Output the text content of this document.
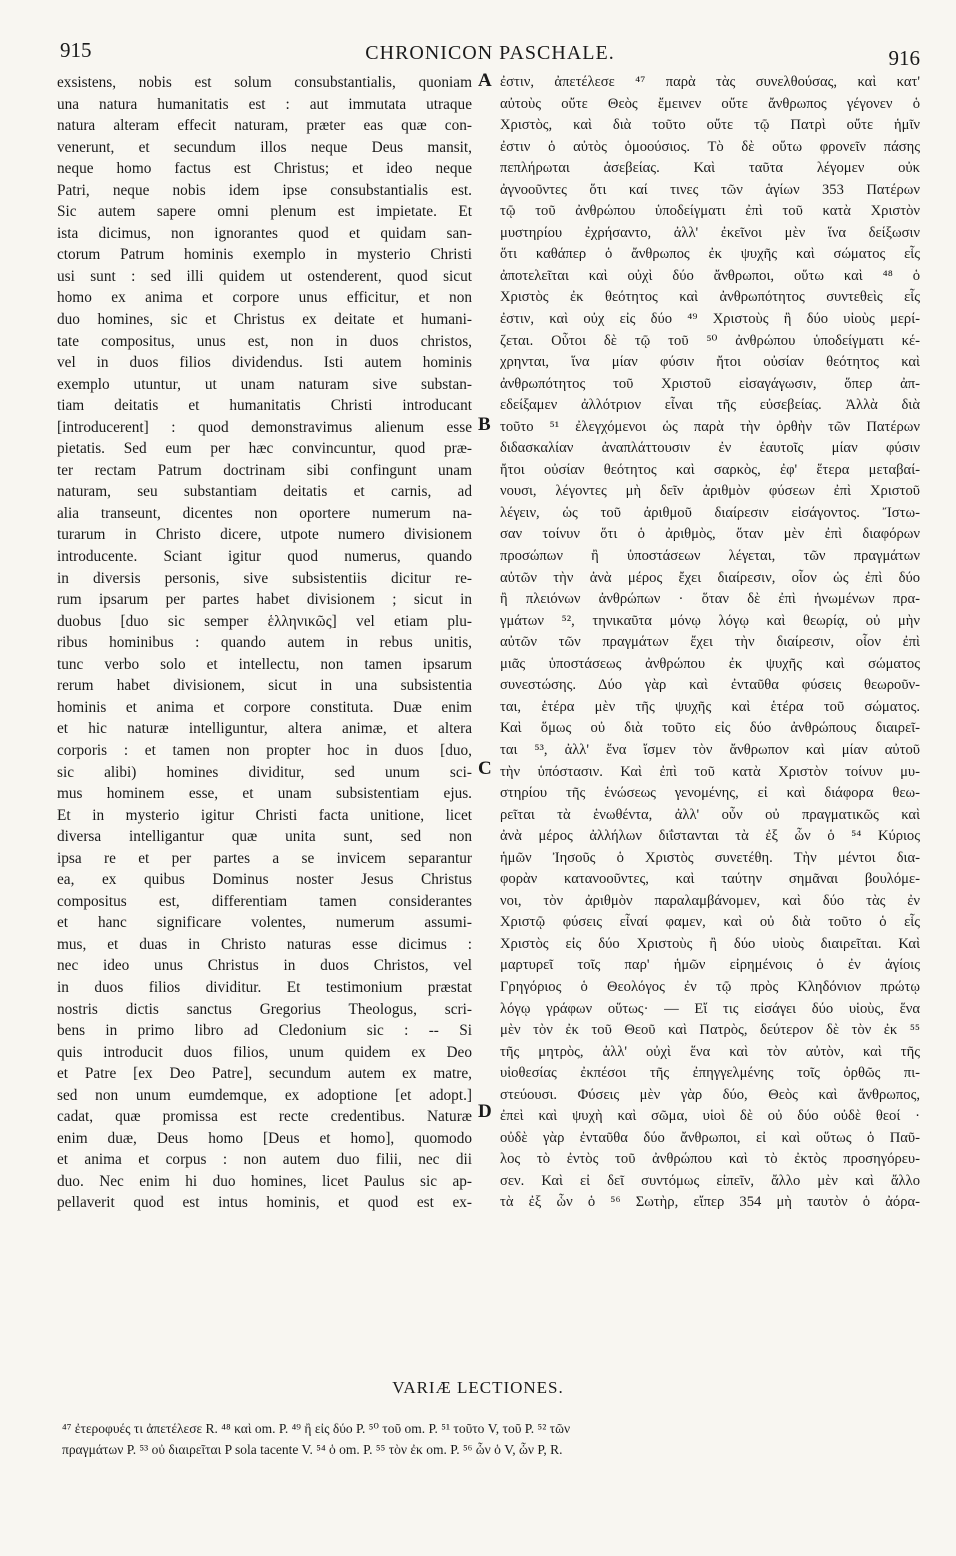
915	CHRONICON PASCHALE.	916
exsistens, nobis est solum consubstantialis, quoniam
una natura humanitatis est : aut immutata utraque
natura alteram effecit naturam, præter eas quæ con-
venerunt, et secundum illos neque Deus mansit,
neque homo factus est Christus; et ideo neque
Patri, neque nobis idem ipse consubstantialis est.
Sic autem sapere omni plenum est impietate. Et
ista dicimus, non ignorantes quod et quidam san-
ctorum Patrum hominis exemplo in mysterio Christi
usi sunt : sed illi quidem ut ostenderent, quod sicut
homo ex anima et corpore unus efficitur, et non
duo homines, sic et Christus ex deitate et humani-
tate compositus, unus est, non in duos christos,
vel in duos filios dividendus. Isti autem hominis
exemplo utuntur, ut unam naturam sive substan-
tiam deitatis et humanitatis Christi introducant
[introducerent] : quod demonstravimus alienum esse
pietatis. Sed eum per hæc convincuntur, quod præ-
ter rectam Patrum doctrinam sibi confingunt unam
naturam, seu substantiam deitatis et carnis, ad
alia transeunt, dicentes non oportere numerum na-
turarum in Christo dicere, utpote numero divisionem
introducente. Sciant igitur quod numerus, quando
in diversis personis, sive subsistentiis dicitur re-
rum ipsarum per partes habet divisionem ; sicut in
duobus [duo sic semper ἑλληνικῶς] vel etiam plu-
ribus hominibus : quando autem in rebus unitis,
tunc verbo solo et intellectu, non tamen ipsarum
rerum habet divisionem, sicut in una subsistentia
hominis et anima et corpore constituta. Duæ enim
et hic naturæ intelliguntur, altera animæ, et altera
corporis : et tamen non propter hoc in duos [duo,
sic alibi) homines dividitur, sed unum sci-
mus hominem esse, et unam subsistentiam ejus.
Et in mysterio igitur Christi facta unitione, licet
diversa intelligantur quæ unita sunt, sed non
ipsa re et per partes a se invicem separantur
ea, ex quibus Dominus noster Jesus Christus
compositus est, differentiam tamen considerantes
et hanc significare volentes, numerum assumi-
mus, et duas in Christo naturas esse dicimus :
nec ideo unus Christus in duos Christos, vel
in duos filios dividitur. Et testimonium præstat
nostris dictis sanctus Gregorius Theologus, scri-
bens in primo libro ad Cledonium sic : -- Si
quis introducit duos filios, unum quidem ex Deo
et Patre [ex Deo Patre], secundum autem ex matre,
sed non unum eumdemque, ex adoptione [et adopt.]
cadat, quæ promissa est recte credentibus. Naturæ
enim duæ, Deus homo [Deus et homo], quomodo
et anima et corpus : non autem duo filii, nec dii
duo. Nec enim hi duo homines, licet Paulus sic ap-
pellaverit quod est intus hominis, et quod est ex-
A
B
C
D
ἐστιν, ἀπετέλεσε ⁴⁷ παρὰ τὰς συνελθούσας, καὶ κατ'
αὐτοὺς οὔτε Θεὸς ἔμεινεν οὔτε ἄνθρωπος γέγονεν ὁ
Χριστὸς, καὶ διὰ τοῦτο οὔτε τῷ Πατρὶ οὔτε ἡμῖν
ἐστιν ὁ αὐτὸς ὁμοούσιος. Τὸ δὲ οὕτω φρονεῖν πάσης
πεπλήρωται ἀσεβείας. Καὶ ταῦτα λέγομεν οὐκ
ἀγνοοῦντες ὅτι καί τινες τῶν ἁγίων 353 Πατέρων
τῷ τοῦ ἀνθρώπου ὑποδείγματι ἐπὶ τοῦ κατὰ Χριστὸν
μυστηρίου ἐχρήσαντο, ἀλλ' ἐκεῖνοι μὲν ἵνα δείξωσιν
ὅτι καθάπερ ὁ ἄνθρωπος ἐκ ψυχῆς καὶ σώματος εἷς
ἀποτελεῖται καὶ οὐχὶ δύο ἄνθρωποι, οὕτω καὶ ⁴⁸ ὁ
Χριστὸς ἐκ θεότητος καὶ ἀνθρωπότητος συντεθεὶς εἷς
ἐστιν, καὶ οὐχ εἰς δύο ⁴⁹ Χριστοὺς ἢ δύο υἱοὺς μερί-
ζεται. Οὗτοι δὲ τῷ τοῦ ⁵⁰ ἀνθρώπου ὑποδείγματι κέ-
χρηνται, ἵνα μίαν φύσιν ἤτοι οὐσίαν θεότητος καὶ
ἀνθρωπότητος τοῦ Χριστοῦ εἰσαγάγωσιν, ὅπερ ἀπ-
εδείξαμεν ἀλλότριον εἶναι τῆς εὐσεβείας. Ἀλλὰ διὰ
τοῦτο ⁵¹ ἐλεγχόμενοι ὡς παρὰ τὴν ὀρθὴν τῶν Πατέρων
διδασκαλίαν ἀναπλάττουσιν ἐν ἑαυτοῖς μίαν φύσιν
ἤτοι οὐσίαν θεότητος καὶ σαρκὸς, ἐφ' ἕτερα μεταβαί-
νουσι, λέγοντες μὴ δεῖν ἀριθμὸν φύσεων ἐπὶ Χριστοῦ
λέγειν, ὡς τοῦ ἀριθμοῦ διαίρεσιν εἰσάγοντος. Ἴστω-
σαν τοίνυν ὅτι ὁ ἀριθμὸς, ὅταν μὲν ἐπὶ διαφόρων
προσώπων ἢ ὑποστάσεων λέγεται, τῶν πραγμάτων
αὐτῶν τὴν ἀνὰ μέρος ἔχει διαίρεσιν, οἷον ὡς ἐπὶ δύο
ἢ πλειόνων ἀνθρώπων · ὅταν δὲ ἐπὶ ἡνωμένων πρα-
γμάτων ⁵², τηνικαῦτα μόνῳ λόγῳ καὶ θεωρίᾳ, οὐ μὴν
αὐτῶν τῶν πραγμάτων ἔχει τὴν διαίρεσιν, οἷον ἐπὶ
μιᾶς ὑποστάσεως ἀνθρώπου ἐκ ψυχῆς καὶ σώματος
συνεστώσης. Δύο γὰρ καὶ ἐνταῦθα φύσεις θεωροῦν-
ται, ἑτέρα μὲν τῆς ψυχῆς καὶ ἑτέρα τοῦ σώματος.
Καὶ ὅμως οὐ διὰ τοῦτο εἰς δύο ἀνθρώπους διαιρεῖ-
ται ⁵³, ἀλλ' ἕνα ἴσμεν τὸν ἄνθρωπον καὶ μίαν αὐτοῦ
τὴν ὑπόστασιν. Καὶ ἐπὶ τοῦ κατὰ Χριστὸν τοίνυν μυ-
στηρίου τῆς ἑνώσεως γενομένης, εἰ καὶ διάφορα θεω-
ρεῖται τὰ ἑνωθέντα, ἀλλ' οὖν οὐ πραγματικῶς καὶ
ἀνὰ μέρος ἀλλήλων διΐστανται τὰ ἐξ ὧν ὁ ⁵⁴ Κύριος
ἡμῶν Ἰησοῦς ὁ Χριστὸς συνετέθη. Τὴν μέντοι δια-
φορὰν κατανοοῦντες, καὶ ταύτην σημᾶναι βουλόμε-
νοι, τὸν ἀριθμὸν παραλαμβάνομεν, καὶ δύο τὰς ἐν
Χριστῷ φύσεις εἶναί φαμεν, καὶ οὐ διὰ τοῦτο ὁ εἷς
Χριστὸς εἰς δύο Χριστοὺς ἢ δύο υἱοὺς διαιρεῖται. Καὶ
μαρτυρεῖ τοῖς παρ' ἡμῶν εἰρημένοις ὁ ἐν ἁγίοις
Γρηγόριος ὁ Θεολόγος ἐν τῷ πρὸς Κληδόνιον πρώτῳ
λόγῳ γράφων οὕτως· — Εἴ τις εἰσάγει δύο υἱοὺς, ἕνα
μὲν τὸν ἐκ τοῦ Θεοῦ καὶ Πατρὸς, δεύτερον δὲ τὸν ἐκ ⁵⁵
τῆς μητρὸς, ἀλλ' οὐχὶ ἕνα καὶ τὸν αὐτὸν, καὶ τῆς
υἱοθεσίας ἐκπέσοι τῆς ἐπηγγελμένης τοῖς ὀρθῶς πι-
στεύουσι. Φύσεις μὲν γὰρ δύο, Θεὸς καὶ ἄνθρωπος,
ἐπεὶ καὶ ψυχὴ καὶ σῶμα, υἱοὶ δὲ οὐ δύο οὐδὲ θεοί ·
οὐδὲ γὰρ ἐνταῦθα δύο ἄνθρωποι, εἰ καὶ οὕτως ὁ Παῦ-
λος τὸ ἐντὸς τοῦ ἀνθρώπου καὶ τὸ ἐκτὸς προσηγόρευ-
σεν. Καὶ εἰ δεῖ συντόμως εἰπεῖν, ἄλλο μὲν καὶ ἄλλο
τὰ ἐξ ὧν ὁ ⁵⁶ Σωτὴρ, εἴπερ 354 μὴ ταυτὸν ὁ ἀόρα-
VARIÆ LECTIONES.
⁴⁷ ἐτεροφυές τι ἀπετέλεσε R. ⁴⁸ καὶ om. P. ⁴⁹ ἢ εἰς δύο P. ⁵⁰ τοῦ om. P. ⁵¹ τοῦτο V, τοῦ P. ⁵² τῶν
πραγμάτων P. ⁵³ οὐ διαιρεῖται P sola tacente V. ⁵⁴ ὁ om. P. ⁵⁵ τὸν ἐκ om. P. ⁵⁶ ὧν ὁ V, ὧν P, R.
